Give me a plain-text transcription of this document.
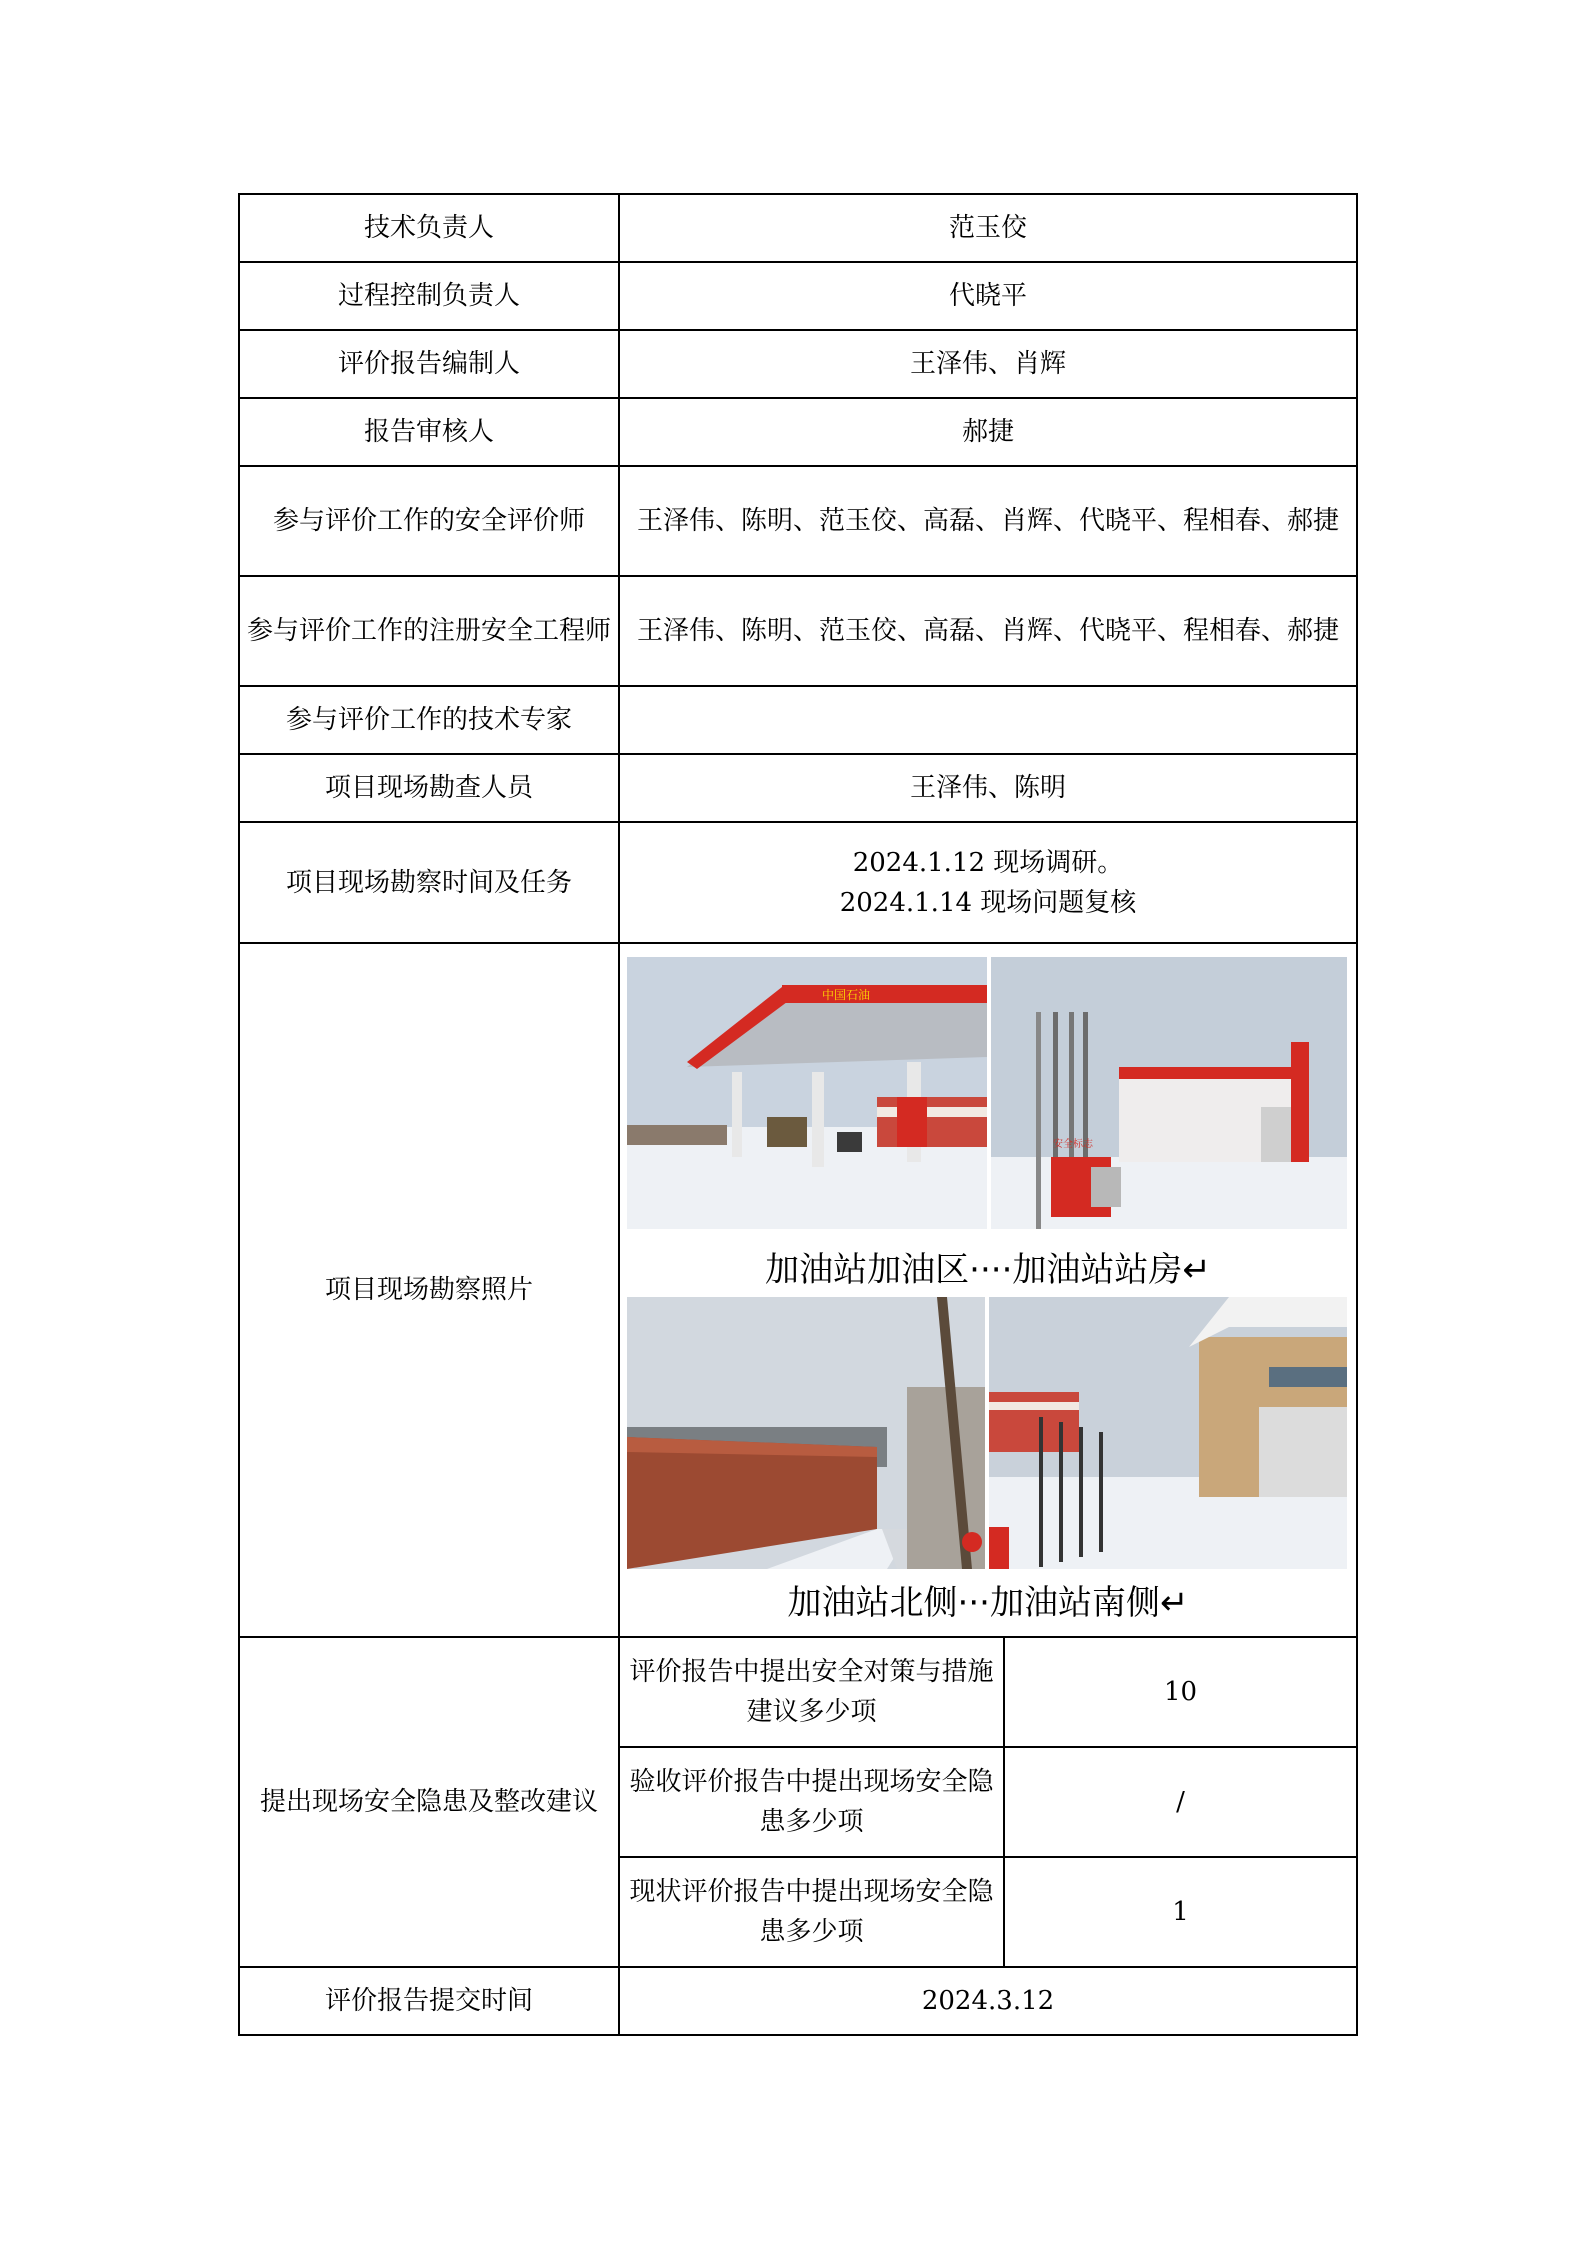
技术负责人	范玉佼	
过程控制负责人	代晓平	
评价报告编制人	王泽伟、肖辉	
报告审核人	郝捷	
参与评价工作的安全评价师	王泽伟、陈明、范玉佼、高磊、肖辉、代晓平、程相春、郝捷	
参与评价工作的注册安全工程师	王泽伟、陈明、范玉佼、高磊、肖辉、代晓平、程相春、郝捷	
参与评价工作的技术专家		
项目现场勘查人员	王泽伟、陈明	
项目现场勘察时间及任务	2024.1.12 现场调研。
2024.1.14 现场问题复核	

项目现场勘察照片	中国石油
安全标志
加油站加油区····加油站站房↵
加油站北侧···加油站南侧↵	

提出现场安全隐患及整改建议	评价报告中提出安全对策与措施建议多少项	10
	验收评价报告中提出现场安全隐患多少项	/
	现状评价报告中提出现场安全隐患多少项	1
评价报告提交时间	2024.3.12	
